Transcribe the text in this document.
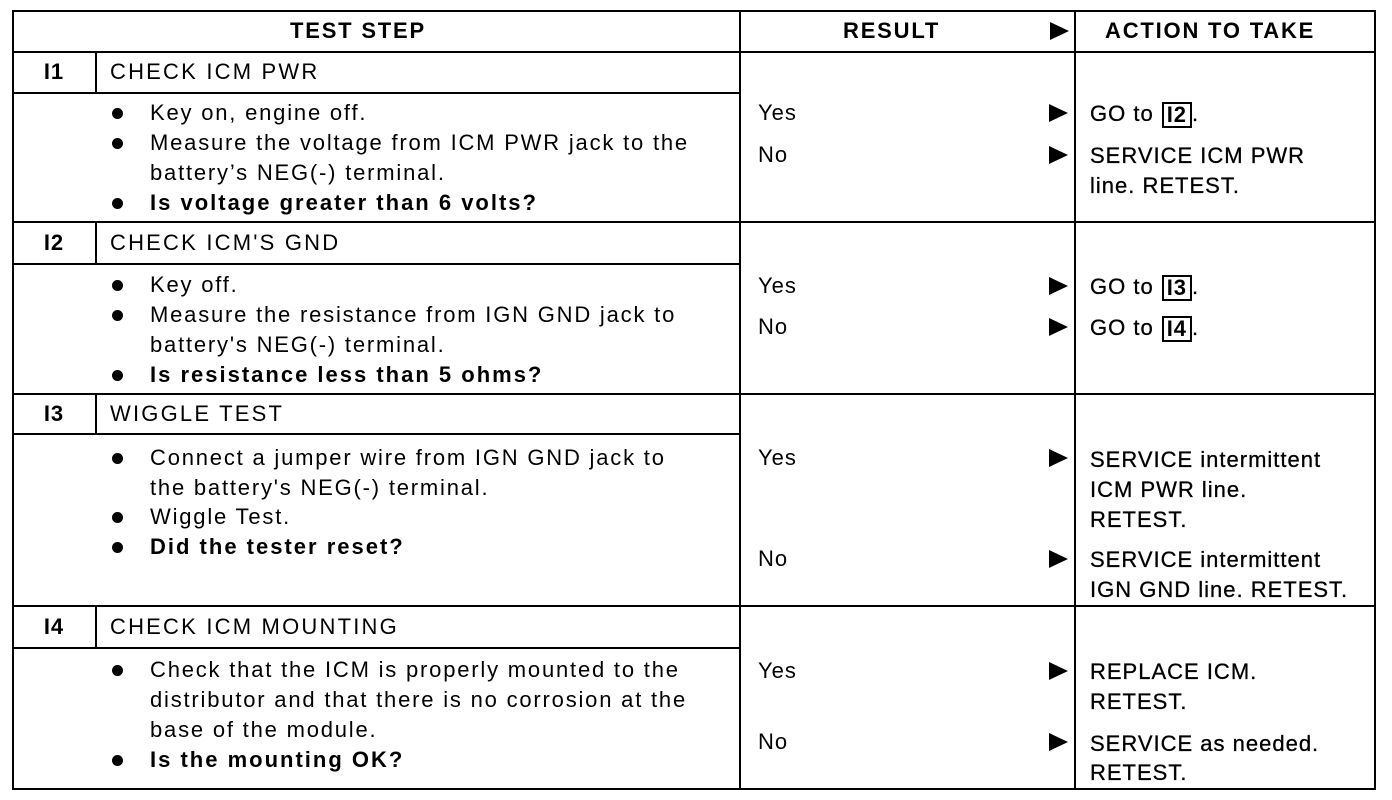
TEST STEP	RESULT	ACTION TO TAKE
I1	CHECK ICM PWR
Key on, engine off.
Measure the voltage from ICM PWR jack to the
battery’s NEG(-) terminal.
Is voltage greater than 6 volts?
Yes	GO to I2 .
No	SERVICE ICM PWR
line. RETEST.
I2	CHECK ICM'S GND
Key off.
Measure the resistance from IGN GND jack to
battery's NEG(-) terminal.
Is resistance less than 5 ohms?
Yes	GO to I3 .
No	GO to I4 .
I3	WIGGLE TEST
Connect a jumper wire from IGN GND jack to
the battery's NEG(-) terminal.
Wiggle Test.
Did the tester reset?
Yes	SERVICE intermittent
ICM PWR line.
RETEST.
No	SERVICE intermittent
IGN GND line. RETEST.
I4	CHECK ICM MOUNTING
Check that the ICM is properly mounted to the
distributor and that there is no corrosion at the
base of the module.
Is the mounting OK?
Yes	REPLACE ICM.
RETEST.
No	SERVICE as needed.
RETEST.
